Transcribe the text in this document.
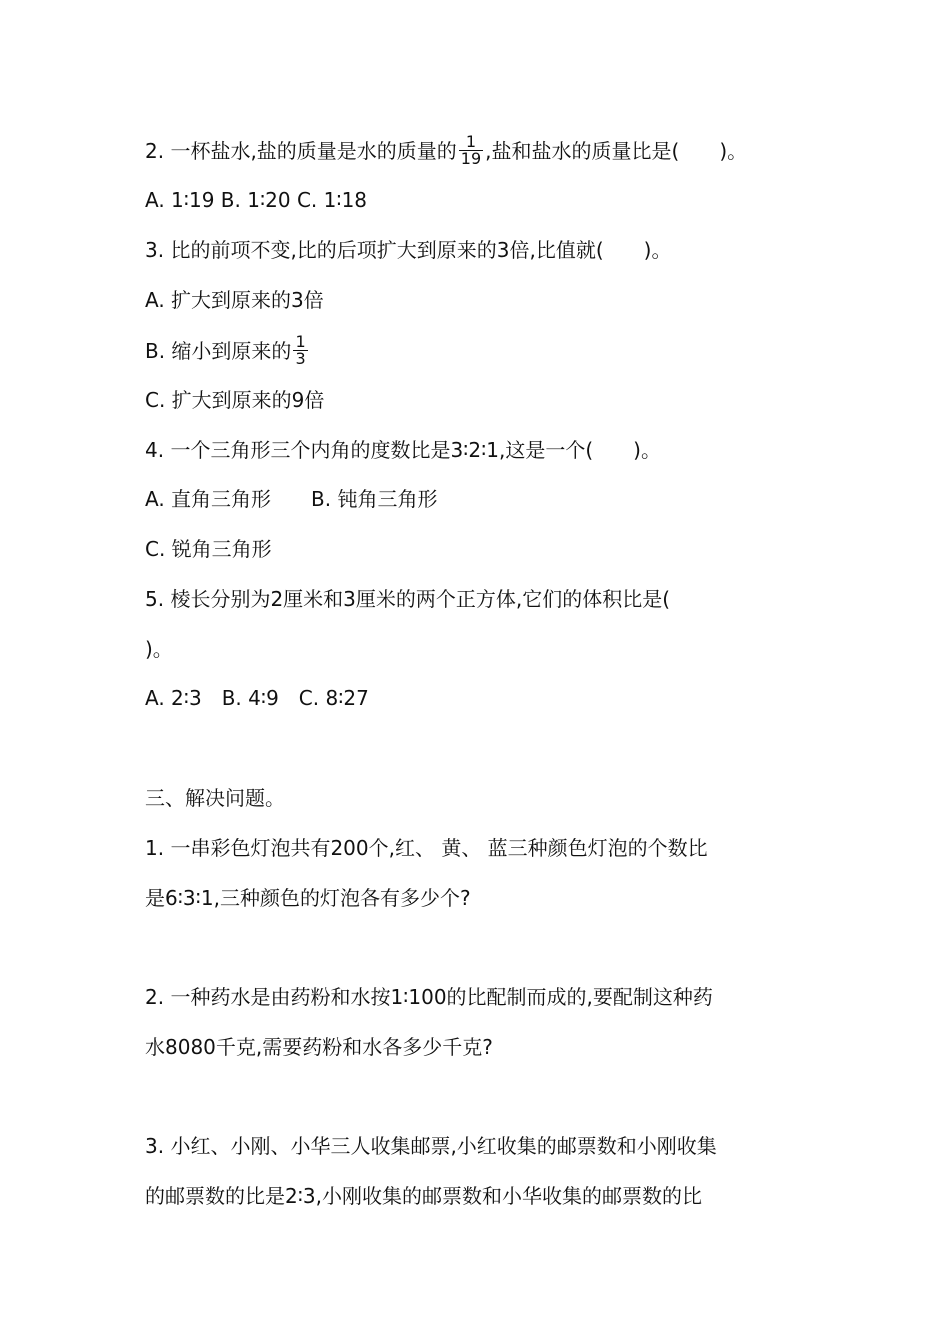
2. 一杯盐水,盐的质量是水的质量的 $\frac{1}{19}$ ,盐和盐水的质量比是(　　)。
A. 1∶19 B. 1∶20 C. 1∶18
3. 比的前项不变,比的后项扩大到原来的3倍,比值就(　　)。
A. 扩大到原来的3倍
B. 缩小到原来的 $\frac{1}{3}$
C. 扩大到原来的9倍
4. 一个三角形三个内角的度数比是3∶2∶1,这是一个(　　)。
A. 直角三角形 B. 钝角三角形
C. 锐角三角形
5. 棱长分别为2厘米和3厘米的两个正方体,它们的体积比是(
)。
A. 2∶3　B. 4∶9　C. 8∶27
三、解决问题。
1. 一串彩色灯泡共有200个,红、 黄、 蓝三种颜色灯泡的个数比
是6∶3∶1,三种颜色的灯泡各有多少个?
2. 一种药水是由药粉和水按1∶100的比配制而成的,要配制这种药
水8080千克,需要药粉和水各多少千克?
3. 小红、小刚、小华三人收集邮票,小红收集的邮票数和小刚收集
的邮票数的比是2∶3,小刚收集的邮票数和小华收集的邮票数的比
